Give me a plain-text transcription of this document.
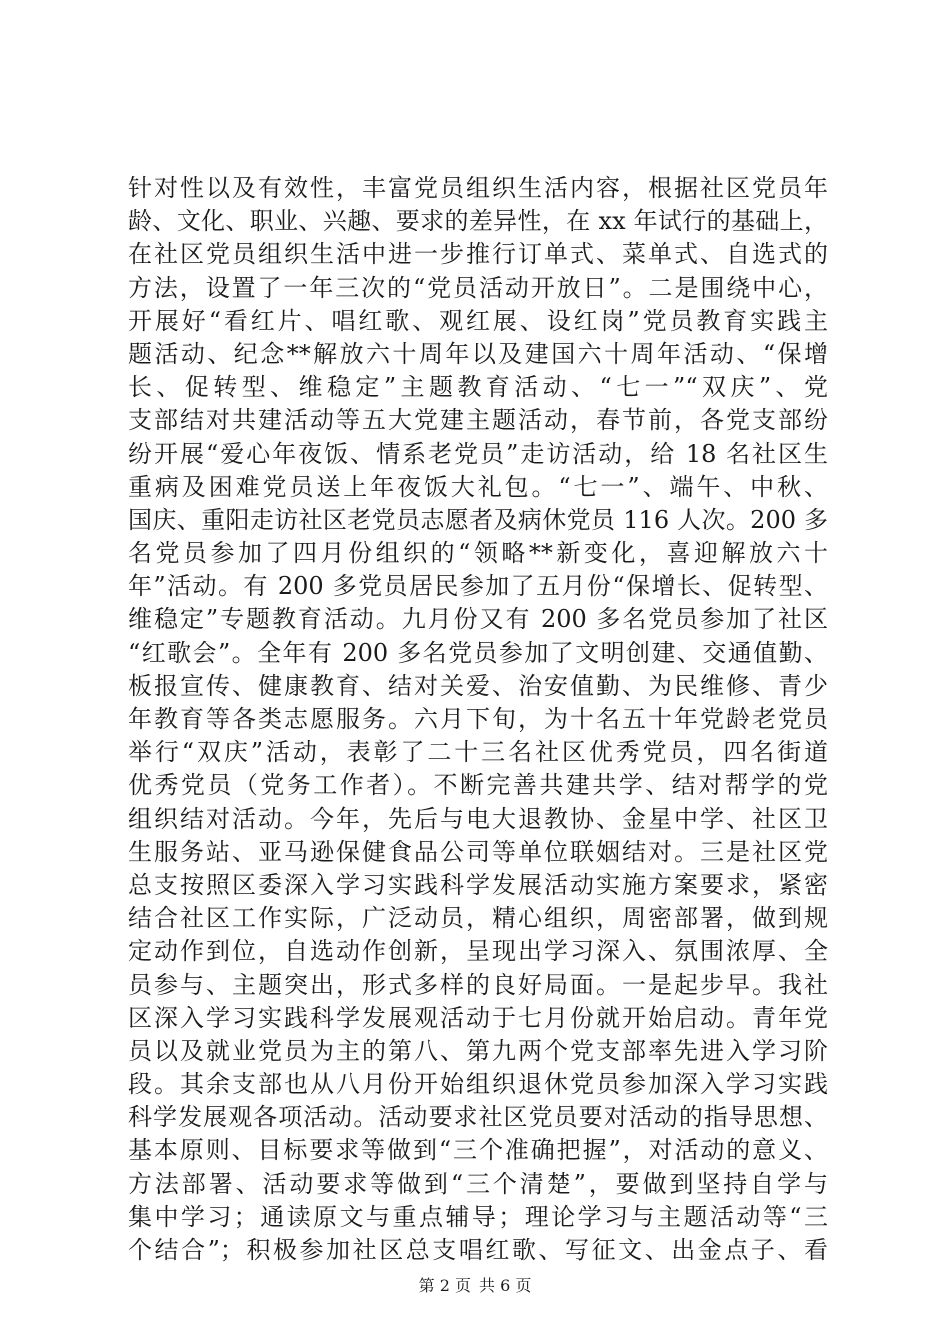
针对性以及有效性，丰富党员组织生活内容，根据社区党员年
龄、文化、职业、兴趣、要求的差异性，在 xx 年试行的基础上，
在社区党员组织生活中进一步推行订单式、菜单式、自选式的
方法，设置了一年三次的“党员活动开放日”。二是围绕中心，
开展好“看红片、唱红歌、观红展、设红岗”党员教育实践主
题活动、纪念**解放六十周年以及建国六十周年活动、“保增
长、促转型、维稳定”主题教育活动、“七一”“双庆”、党
支部结对共建活动等五大党建主题活动，春节前，各党支部纷
纷开展“爱心年夜饭、情系老党员”走访活动，给 18 名社区生
重病及困难党员送上年夜饭大礼包。“七一”、端午、中秋、
国庆、重阳走访社区老党员志愿者及病休党员 116 人次。200 多
名党员参加了四月份组织的“领略**新变化，喜迎解放六十
年”活动。有 200 多党员居民参加了五月份“保增长、促转型、
维稳定”专题教育活动。九月份又有 200 多名党员参加了社区
“红歌会”。全年有 200 多名党员参加了文明创建、交通值勤、
板报宣传、健康教育、结对关爱、治安值勤、为民维修、青少
年教育等各类志愿服务。六月下旬，为十名五十年党龄老党员
举行“双庆”活动，表彰了二十三名社区优秀党员，四名街道
优秀党员（党务工作者）。不断完善共建共学、结对帮学的党
组织结对活动。今年，先后与电大退教协、金星中学、社区卫
生服务站、亚马逊保健食品公司等单位联姻结对。三是社区党
总支按照区委深入学习实践科学发展活动实施方案要求，紧密
结合社区工作实际，广泛动员，精心组织，周密部署，做到规
定动作到位，自选动作创新，呈现出学习深入、氛围浓厚、全
员参与、主题突出，形式多样的良好局面。一是起步早。我社
区深入学习实践科学发展观活动于七月份就开始启动。青年党
员以及就业党员为主的第八、第九两个党支部率先进入学习阶
段。其余支部也从八月份开始组织退休党员参加深入学习实践
科学发展观各项活动。活动要求社区党员要对活动的指导思想、
基本原则、目标要求等做到“三个准确把握”，对活动的意义、
方法部署、活动要求等做到“三个清楚”，要做到坚持自学与
集中学习；通读原文与重点辅导；理论学习与主题活动等“三
个结合”；积极参加社区总支唱红歌、写征文、出金点子、看
第 2 页 共 6 页
